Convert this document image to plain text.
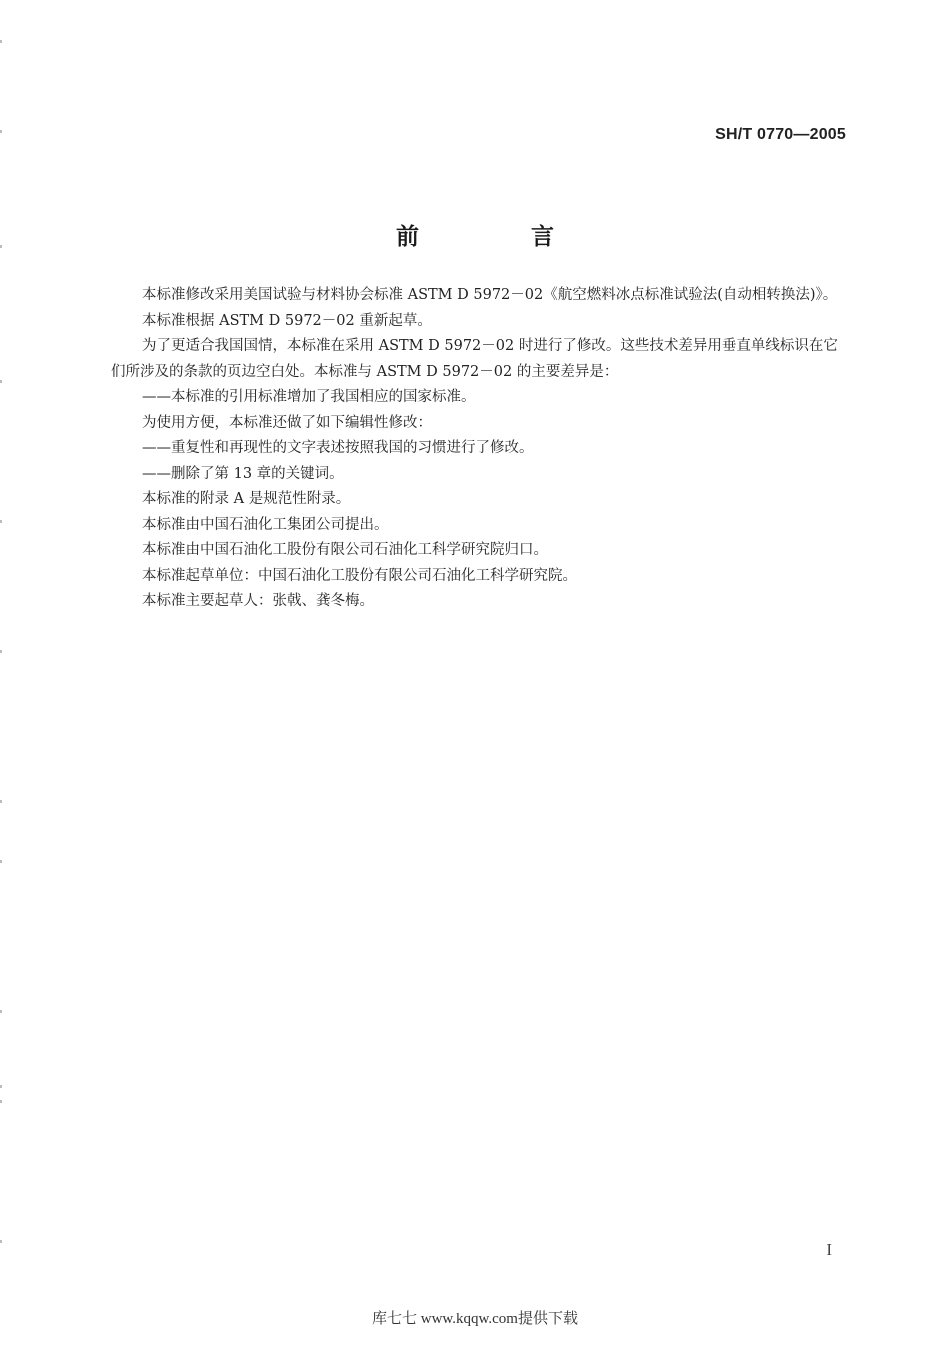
SH/T 0770—2005
前 言

本标准修改采用美国试验与材料协会标准 ASTM D 5972－02《航空燃料冰点标准试验法(自动相转换法)》。

本标准根据 ASTM D 5972－02 重新起草。

为了更适合我国国情，本标准在采用 ASTM D 5972－02 时进行了修改。这些技术差异用垂直单线标识在它们所涉及的条款的页边空白处。本标准与 ASTM D 5972－02 的主要差异是：

——本标准的引用标准增加了我国相应的国家标准。

为使用方便，本标准还做了如下编辑性修改：

——重复性和再现性的文字表述按照我国的习惯进行了修改。

——删除了第 13 章的关键词。

本标准的附录 A 是规范性附录。

本标准由中国石油化工集团公司提出。

本标准由中国石油化工股份有限公司石油化工科学研究院归口。

本标准起草单位：中国石油化工股份有限公司石油化工科学研究院。

本标准主要起草人：张戟、龚冬梅。

I
库七七 www.kqqw.com提供下载
